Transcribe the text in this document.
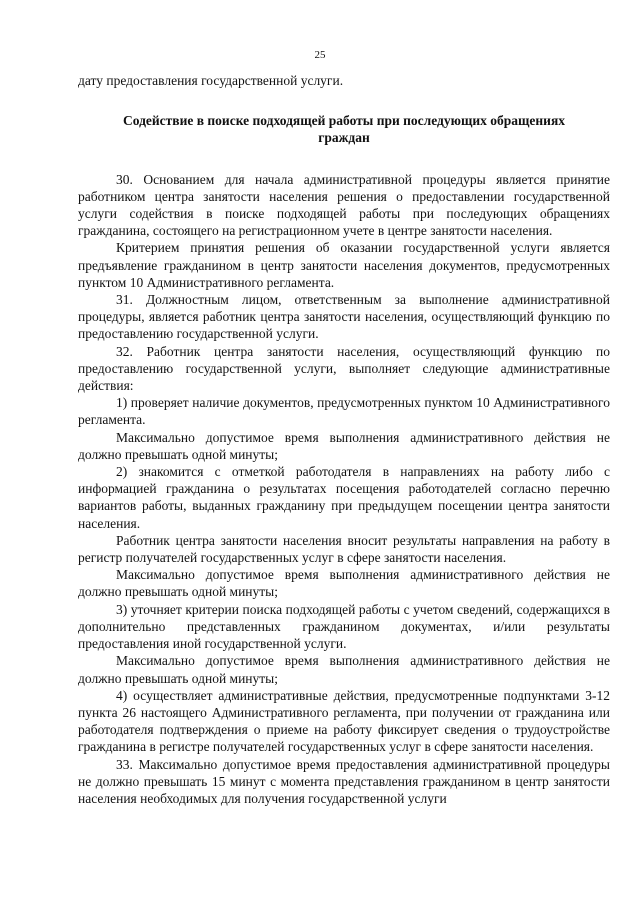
25

дату предоставления государственной услуги.

Содействие в поиске подходящей работы при последующих обращениях граждан

30. Основанием для начала административной процедуры является принятие работником центра занятости населения решения о предоставлении государственной услуги содействия в поиске подходящей работы при последующих обращениях гражданина, состоящего на регистрационном учете в центре занятости населения.

Критерием принятия решения об оказании государственной услуги является предъявление гражданином в центр занятости населения документов, предусмотренных пунктом 10 Административного регламента.

31. Должностным лицом, ответственным за выполнение административной процедуры, является работник центра занятости населения, осуществляющий функцию по предоставлению государственной услуги.

32. Работник центра занятости населения, осуществляющий функцию по предоставлению государственной услуги, выполняет следующие административные действия:

1) проверяет наличие документов, предусмотренных пунктом 10 Административного регламента.

Максимально допустимое время выполнения административного действия не должно превышать одной минуты;

2) знакомится с отметкой работодателя в направлениях на работу либо с информацией гражданина о результатах посещения работодателей согласно перечню вариантов работы, выданных гражданину при предыдущем посещении центра занятости населения.

Работник центра занятости населения вносит результаты направления на работу в регистр получателей государственных услуг в сфере занятости населения.

Максимально допустимое время выполнения административного действия не должно превышать одной минуты;

3) уточняет критерии поиска подходящей работы с учетом сведений, содержащихся в дополнительно представленных гражданином документах, и/или результаты предоставления иной государственной услуги.

Максимально допустимое время выполнения административного действия не должно превышать одной минуты;

4) осуществляет административные действия, предусмотренные подпунктами 3-12 пункта 26 настоящего Административного регламента, при получении от гражданина или работодателя подтверждения о приеме на работу фиксирует сведения о трудоустройстве гражданина в регистре получателей государственных услуг в сфере занятости населения.

33. Максимально допустимое время предоставления административной процедуры не должно превышать 15 минут с момента представления гражданином в центр занятости населения необходимых для получения государственной услуги
